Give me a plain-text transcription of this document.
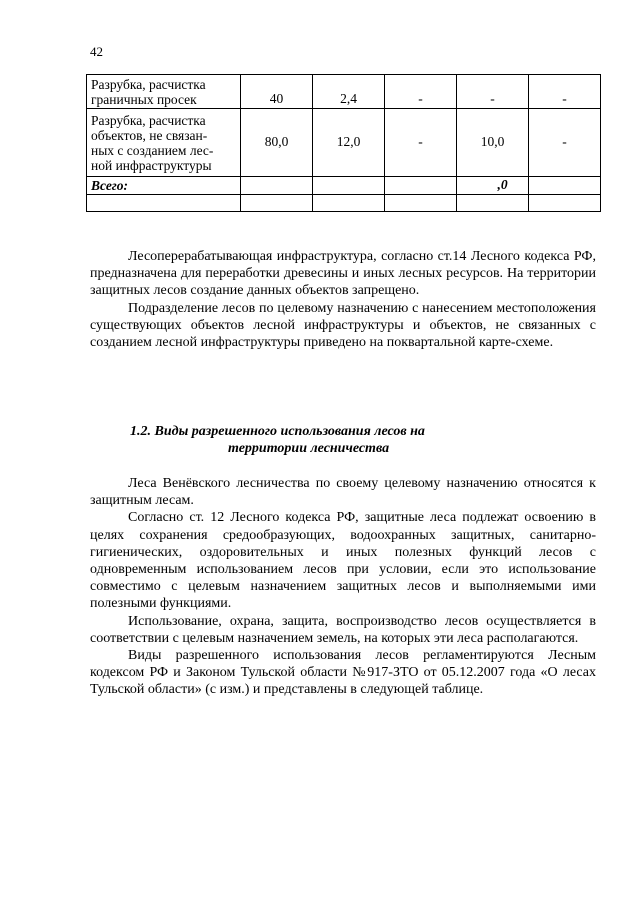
42
Разрубка, расчистка
граничных просек	40	2,4	-	-	-
Разрубка, расчистка
объектов, не связан-
ных с созданием лес-
ной инфраструктуры	80,0	12,0	-	10,0	-
Всего:				,0	

Лесоперерабатывающая инфраструктура, согласно ст.14 Лесного кодекса РФ, предназначена для переработки древесины и иных лесных ресурсов. На территории защитных лесов создание данных объектов запрещено.

Подразделение лесов по целевому назначению с нанесением местоположения существующих объектов лесной инфраструктуры и объектов, не связанных с созданием лесной инфраструктуры приведено на поквартальной карте-схеме.

1.2. Виды разрешенного использования лесов на
территории лесничества

Леса Венёвского лесничества по своему целевому назначению относятся к защитным лесам.

Согласно ст. 12 Лесного кодекса РФ, защитные леса подлежат освоению в целях сохранения средообразующих, водоохранных защитных, санитарно-гигиенических, оздоровительных и иных полезных функций лесов с одновременным использованием лесов при условии, если это использование совместимо с целевым назначением защитных лесов и выполняемыми ими полезными функциями.

Использование, охрана, защита, воспроизводство лесов осуществляется в соответствии с целевым назначением земель, на которых эти леса располагаются.

Виды разрешенного использования лесов регламентируются Лесным кодексом РФ и Законом Тульской области №917-ЗТО от 05.12.2007 года «О лесах Тульской области» (с изм.) и представлены в следующей таблице.
